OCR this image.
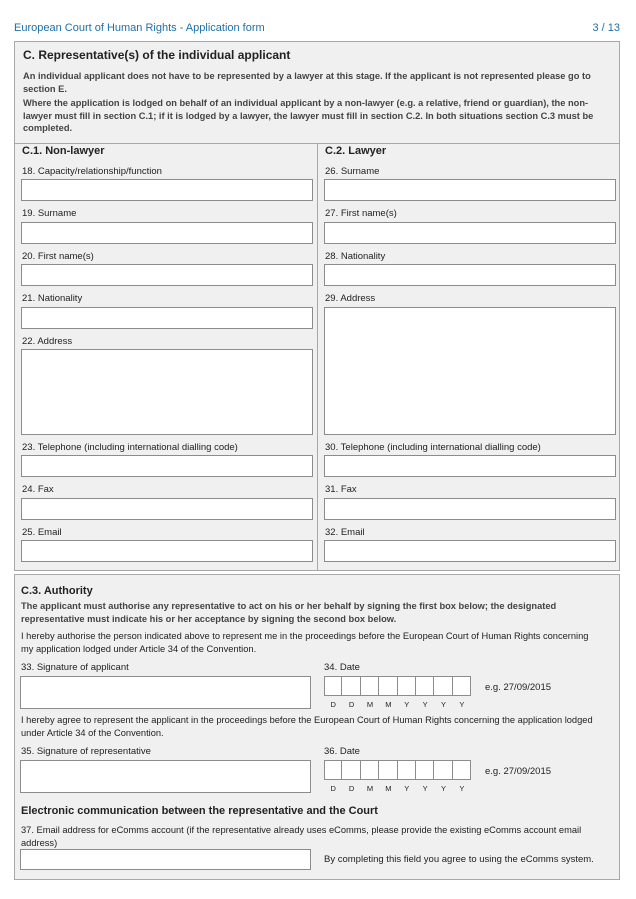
European Court of Human Rights - Application form	3 / 13
C. Representative(s) of the individual applicant
An individual applicant does not have to be represented by a lawyer at this stage. If the applicant is not represented please go to section E.
Where the application is lodged on behalf of an individual applicant by a non-lawyer (e.g. a relative, friend or guardian), the non-lawyer must fill in section C.1; if it is lodged by a lawyer, the lawyer must fill in section C.2. In both situations section C.3 must be completed.
C.1. Non-lawyer
18. Capacity/relationship/function
19. Surname
20. First name(s)
21. Nationality
22. Address
23. Telephone (including international dialling code)
24. Fax
25. Email
C.2. Lawyer
26. Surname
27. First name(s)
28. Nationality
29. Address
30. Telephone (including international dialling code)
31. Fax
32. Email
C.3. Authority
The applicant must authorise any representative to act on his or her behalf by signing the first box below; the designated representative must indicate his or her acceptance by signing the second box below.
I hereby authorise the person indicated above to represent me in the proceedings before the European Court of Human Rights concerning my application lodged under Article 34 of the Convention.
33. Signature of applicant	34. Date
D	D	M	M	Y	Y	Y	Y
e.g. 27/09/2015
I hereby agree to represent the applicant in the proceedings before the European Court of Human Rights concerning the application lodged under Article 34 of the Convention.
35. Signature of representative	36. Date
D	D	M	M	Y	Y	Y	Y
e.g. 27/09/2015
Electronic communication between the representative and the Court
37. Email address for eComms account (if the representative already uses eComms, please provide the existing eComms account email address)
By completing this field you agree to using the eComms system.
